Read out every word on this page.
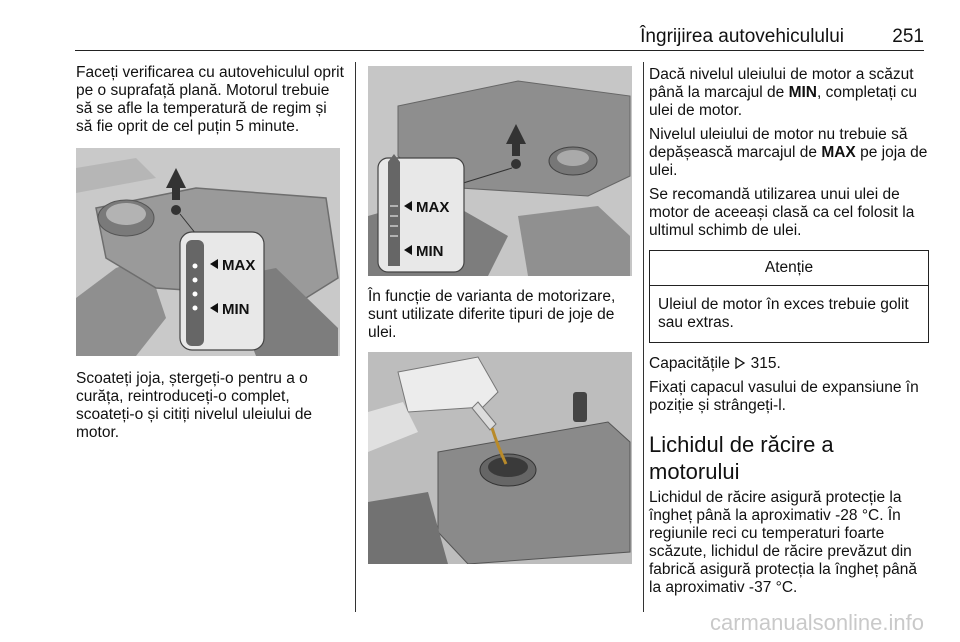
Îngrijirea autovehiculului	251

Faceți verificarea cu autovehiculul oprit pe o suprafață plană. Motorul trebuie să se afle la temperatură de regim și să fie oprit de cel puțin 5 minute.

MAX
MIN

Scoateți joja, ștergeți-o pentru a o curăța, reintroduceți-o complet, scoateți-o și citiți nivelul uleiului de motor.

MAX
MIN

În funcție de varianta de motorizare, sunt utilizate diferite tipuri de joje de ulei.

Dacă nivelul uleiului de motor a scăzut până la marcajul de MIN, completați cu ulei de motor.

Nivelul uleiului de motor nu trebuie să depășească marcajul de MAX pe joja de ulei.

Se recomandă utilizarea unui ulei de motor de aceeași clasă ca cel folosit la ultimul schimb de ulei.

Atenție
Uleiul de motor în exces trebuie golit sau extras.

Capacitățile  315.

Fixați capacul vasului de expansiune în poziție și strângeți-l.

Lichidul de răcire a motorului

Lichidul de răcire asigură protecție la îngheț până la aproximativ -28 °C. În regiunile reci cu temperaturi foarte scăzute, lichidul de răcire prevăzut din fabrică asigură protecția la îngheț până la aproximativ -37 °C.

carmanualsonline.info
